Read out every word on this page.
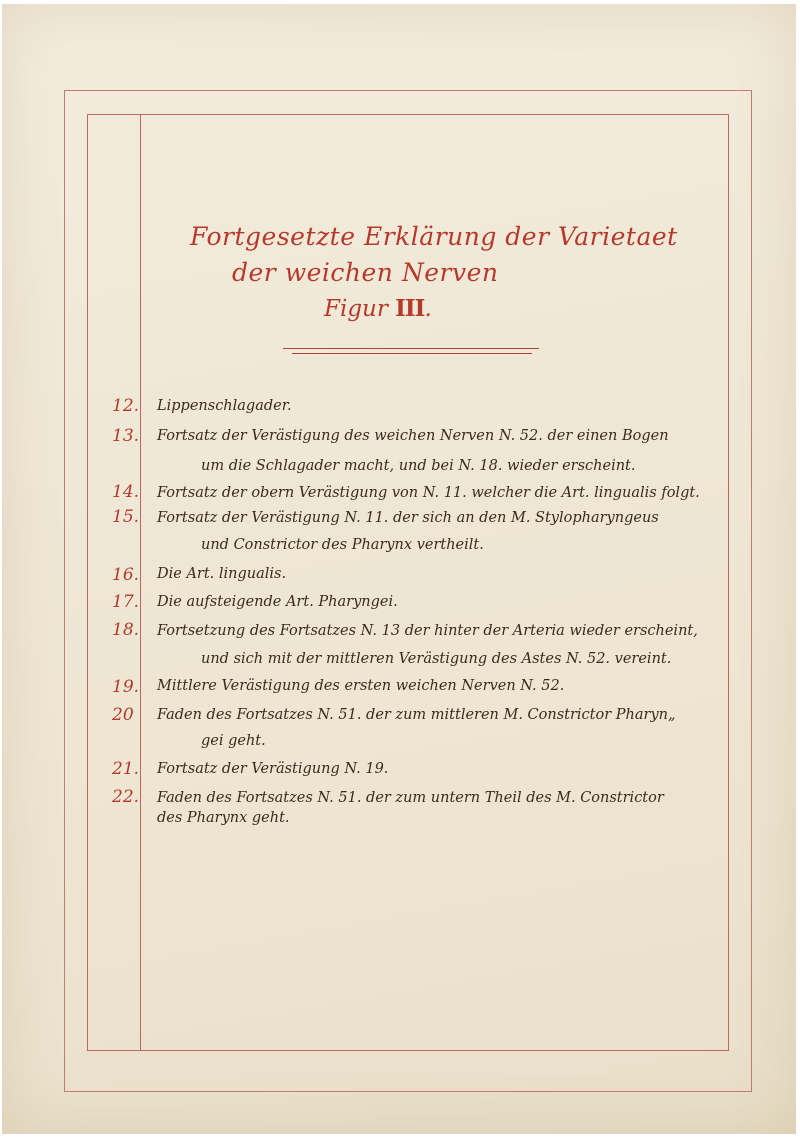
Fortgesetzte Erklärung der Varietaet
der weichen Nerven
Figur III.
12. Lippenschlagader.
13. Fortsatz der Verästigung des weichen Nerven N. 52. der einen Bogen
um die Schlagader macht, und bei N. 18. wieder erscheint.
14. Fortsatz der obern Verästigung von N. 11. welcher die Art. lingualis folgt.
15. Fortsatz der Verästigung N. 11. der sich an den M. Stylopharyngeus
und Constrictor des Pharynx vertheilt.
16. Die Art. lingualis.
17. Die aufsteigende Art. Pharyngei.
18. Fortsetzung des Fortsatzes N. 13 der hinter der Arteria wieder erscheint,
und sich mit der mittleren Verästigung des Astes N. 52. vereint.
19. Mittlere Verästigung des ersten weichen Nerven N. 52.
20	Faden des Fortsatzes N. 51. der zum mittleren M. Constrictor Pharyn„
gei geht.
21. Fortsatz der Verästigung N. 19.
22. Faden des Fortsatzes N. 51. der zum untern Theil des M. Constrictor
des Pharynx geht.
